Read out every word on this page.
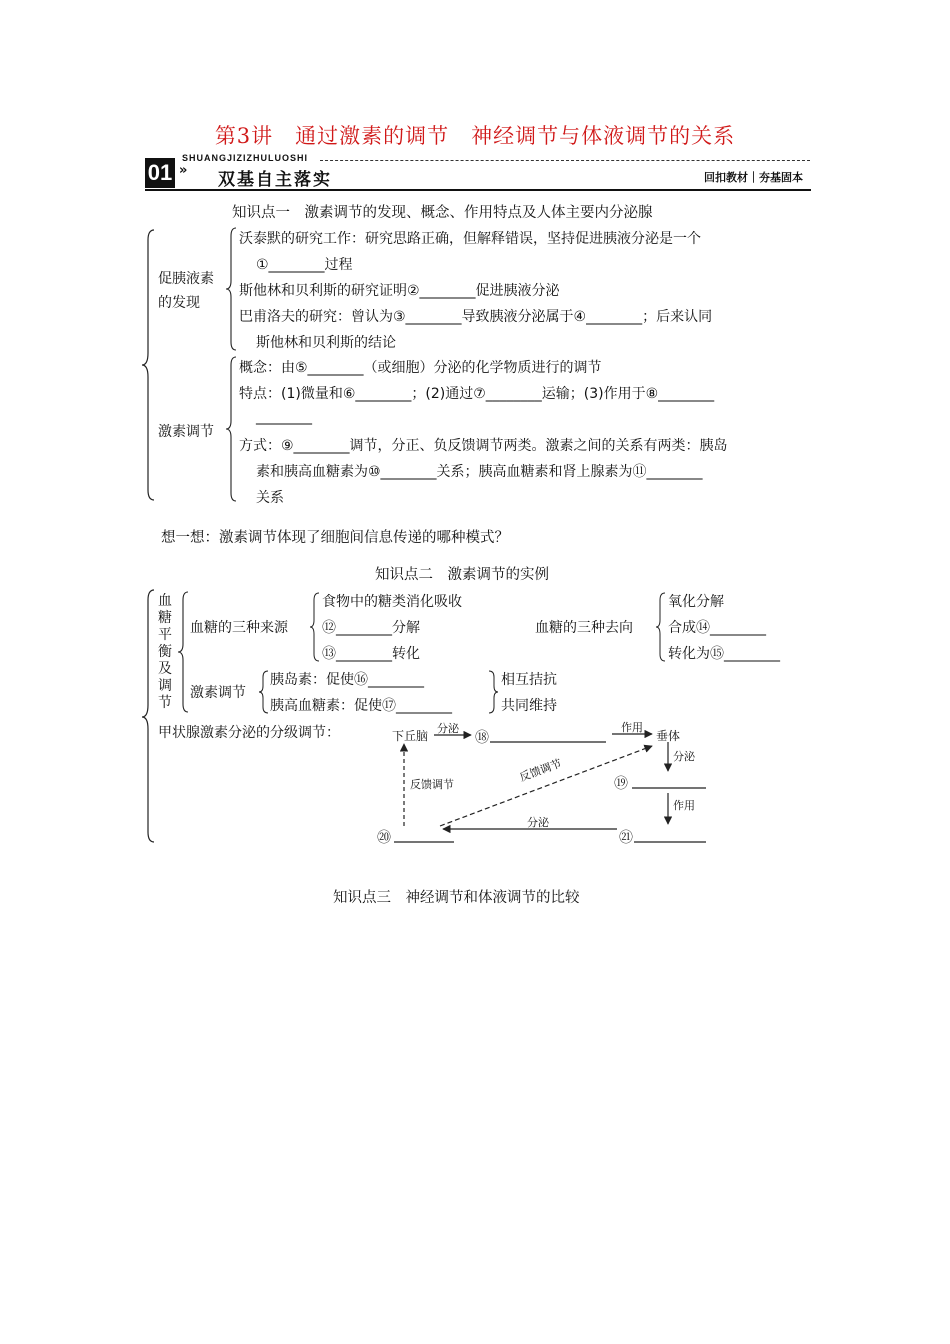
第3讲　通过激素的调节　神经调节与体液调节的关系
01 »
SHUANGJIZIZHULUOSHI
双基自主落实	回扣教材｜夯基固本
知识点一　激素调节的发现、概念、作用特点及人体主要内分泌腺
促胰液素
的发现
沃泰默的研究工作：研究思路正确，但解释错误，坚持促进胰液分泌是一个
①________过程
斯他林和贝利斯的研究证明②________促进胰液分泌
巴甫洛夫的研究：曾认为③________导致胰液分泌属于④________；后来认同
斯他林和贝利斯的结论
激素调节
概念：由⑤________（或细胞）分泌的化学物质进行的调节
特点：(1)微量和⑥________；(2)通过⑦________运输；(3)作用于⑧________
________
方式：⑨________调节，分正、负反馈调节两类。激素之间的关系有两类：胰岛
素和胰高血糖素为⑩________关系；胰高血糖素和肾上腺素为⑪________
关系
想一想：激素调节体现了细胞间信息传递的哪种模式？
知识点二　激素调节的实例
血
糖
平
衡
及
调
节
血糖的三种来源
食物中的糖类消化吸收
⑫________分解
⑬________转化
血糖的三种去向
氧化分解
合成⑭________
转化为⑮________
激素调节
胰岛素：促使⑯________
胰高血糖素：促使⑰________
相互拮抗
共同维持
甲状腺激素分泌的分级调节：	下丘脑
分泌
⑱
作用
垂体
分泌
⑲
作用
反馈调节
反馈调节
⑳
分泌
㉑
知识点三　神经调节和体液调节的比较
